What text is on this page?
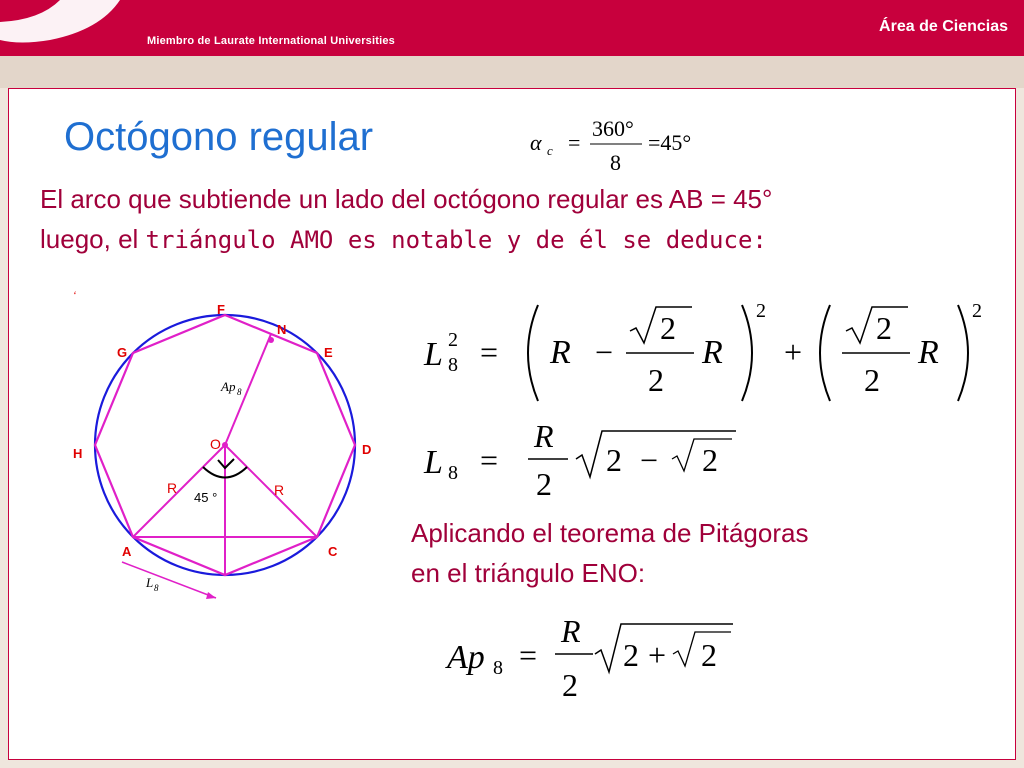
Miembro de Laurate International Universities
Área de Ciencias
Octógono regular	α c =
360°
8
=45°
El arco que subtiende un lado del octógono regular es AB = 45°
luego, el triángulo AMO es notable y de él se deduce:
‘
F
N
G	E
H	D
A	C
O
R	R
45 °
Ap 8
L 8
L 2
8 = R −
2
2
R
2
+
2
2
R
2
L 8 =
R
2
2 − 2
Aplicando el teorema de Pitágoras
en el triángulo ENO:
Ap 8 =
R
2
2 + 2
